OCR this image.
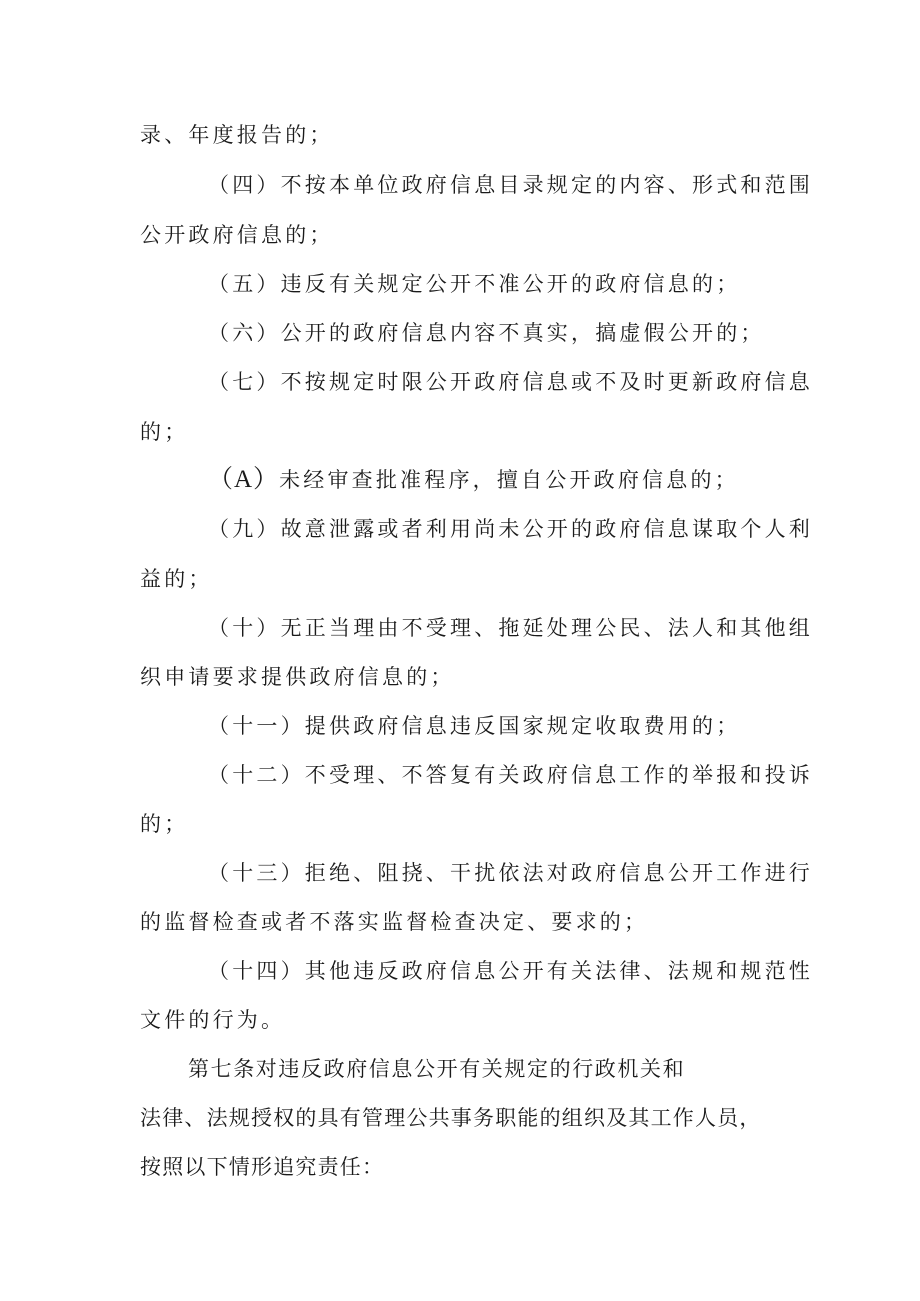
录、年度报告的；
（四）不按本单位政府信息目录规定的内容、形式和范围
公开政府信息的；
（五）违反有关规定公开不准公开的政府信息的；
（六）公开的政府信息内容不真实，搞虚假公开的；
（七）不按规定时限公开政府信息或不及时更新政府信息
的；
（A）未经审查批准程序，擅自公开政府信息的；
（九）故意泄露或者利用尚未公开的政府信息谋取个人利
益的；
（十）无正当理由不受理、拖延处理公民、法人和其他组
织申请要求提供政府信息的；
（十一）提供政府信息违反国家规定收取费用的；
（十二）不受理、不答复有关政府信息工作的举报和投诉
的；
（十三）拒绝、阻挠、干扰依法对政府信息公开工作进行
的监督检查或者不落实监督检查决定、要求的；
（十四）其他违反政府信息公开有关法律、法规和规范性
文件的行为。
第七条对违反政府信息公开有关规定的行政机关和
法律、法规授权的具有管理公共事务职能的组织及其工作人员，
按照以下情形追究责任：
